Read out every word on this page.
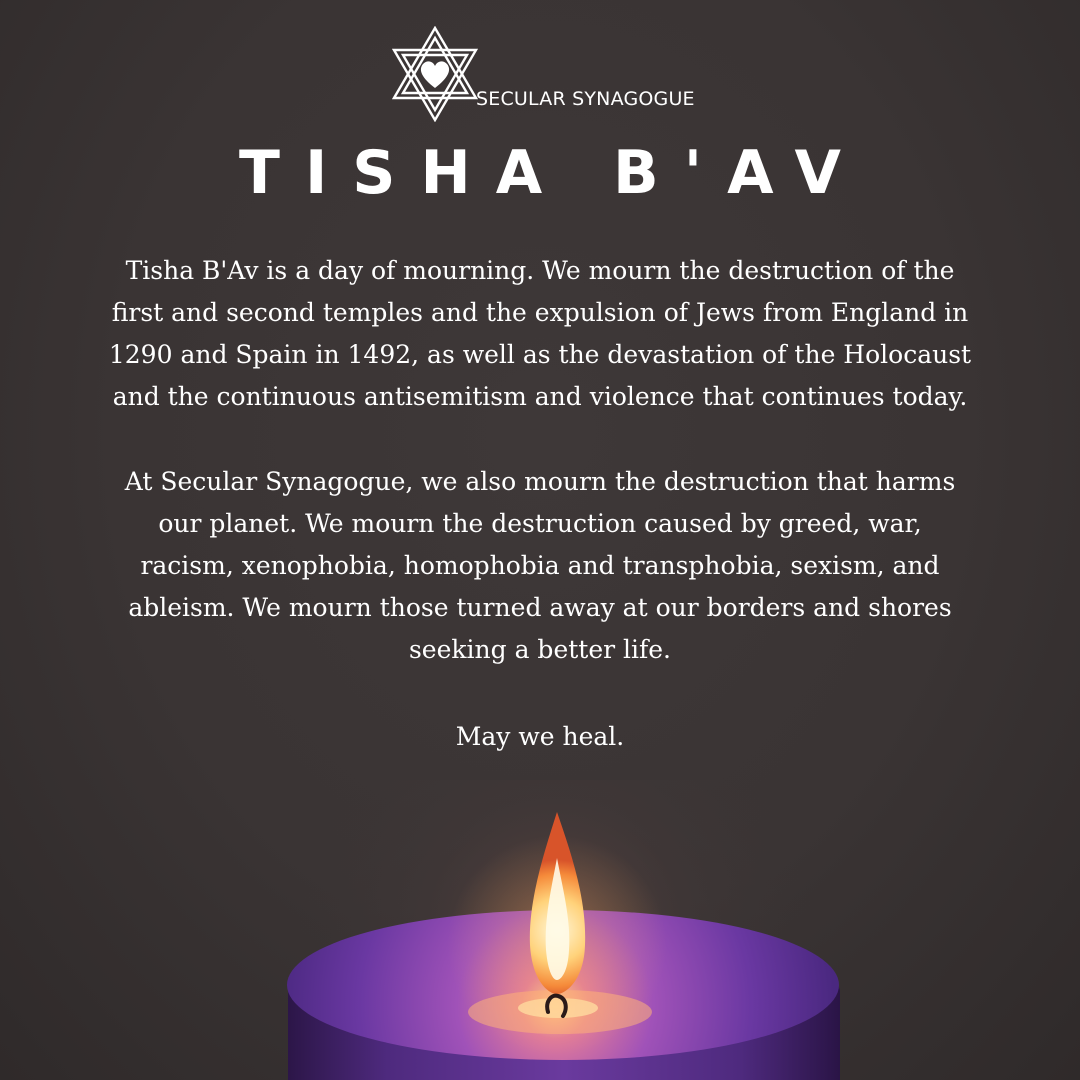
SECULAR SYNAGOGUE
TISHA B'AV
Tisha B'Av is a day of mourning. We mourn the destruction of the
first and second temples and the expulsion of Jews from England in
1290 and Spain in 1492, as well as the devastation of the Holocaust
and the continuous antisemitism and violence that continues today.
At Secular Synagogue, we also mourn the destruction that harms
our planet. We mourn the destruction caused by greed, war,
racism, xenophobia, homophobia and transphobia, sexism, and
ableism. We mourn those turned away at our borders and shores
seeking a better life.
May we heal.
